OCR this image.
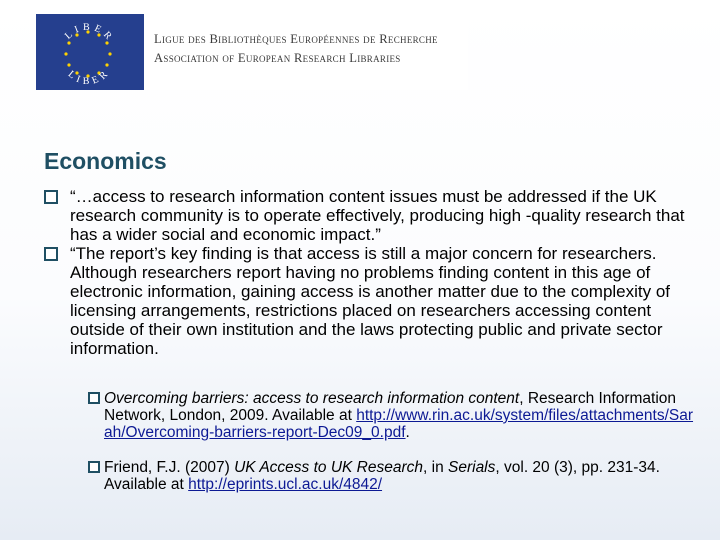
LIBER
LIBER
Ligue des Bibliothèques Européennes de Recherche
Association of European Research Libraries
Economics
“…access to research information content issues must be addressed if the UK research community is to operate effectively, producing high -quality research that has a wider social and economic impact.”
“The report’s key finding is that access is still a major concern for researchers. Although researchers report having no problems finding content in this age of electronic information, gaining access is another matter due to the complexity of licensing arrangements, restrictions placed on researchers accessing content outside of their own institution and the laws protecting public and private sector information.
Overcoming barriers: access to research information content, Research Information Network, London, 2009. Available at http://www.rin.ac.uk/system/files/attachments/Sarah/Overcoming-barriers-report-Dec09_0.pdf.
Friend, F.J. (2007) UK Access to UK Research, in Serials, vol. 20 (3), pp. 231-34. Available at http://eprints.ucl.ac.uk/4842/
